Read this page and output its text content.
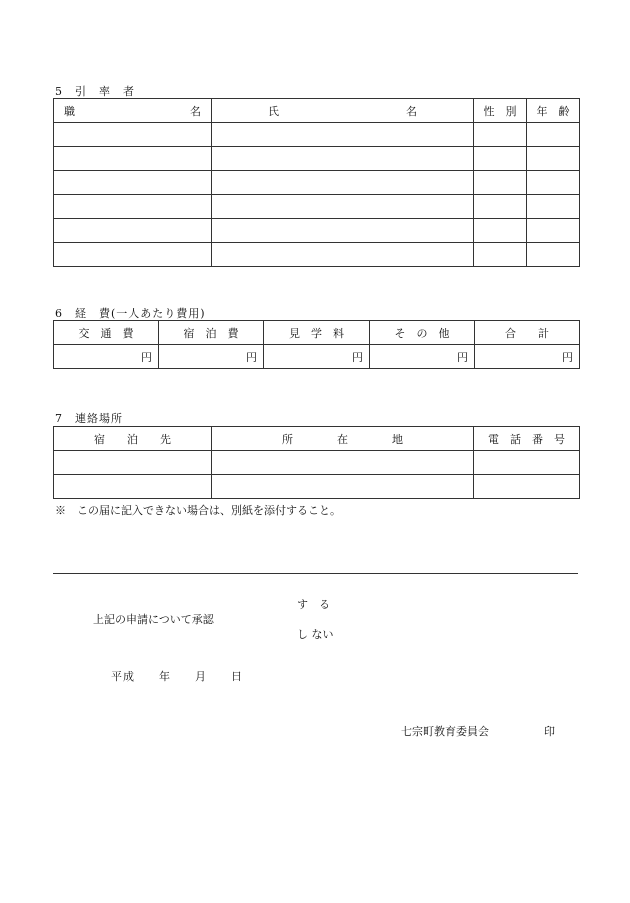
5　引　率　者
職 名	氏 名	性　別	年　齢

6　経　費(一人あたり費用)
交　通　費	宿　泊　費	見　学　料	そ　の　他	合　　計
円	円	円	円	円
7　連絡場所
宿　　泊　　先	所　　　　在　　　　地	電　話　番　号

※　この届に記入できない場合は、別紙を添付すること。
す　る
上記の申請について承認
し ない
平成　　年　　月　　日
七宗町教育委員会	印
